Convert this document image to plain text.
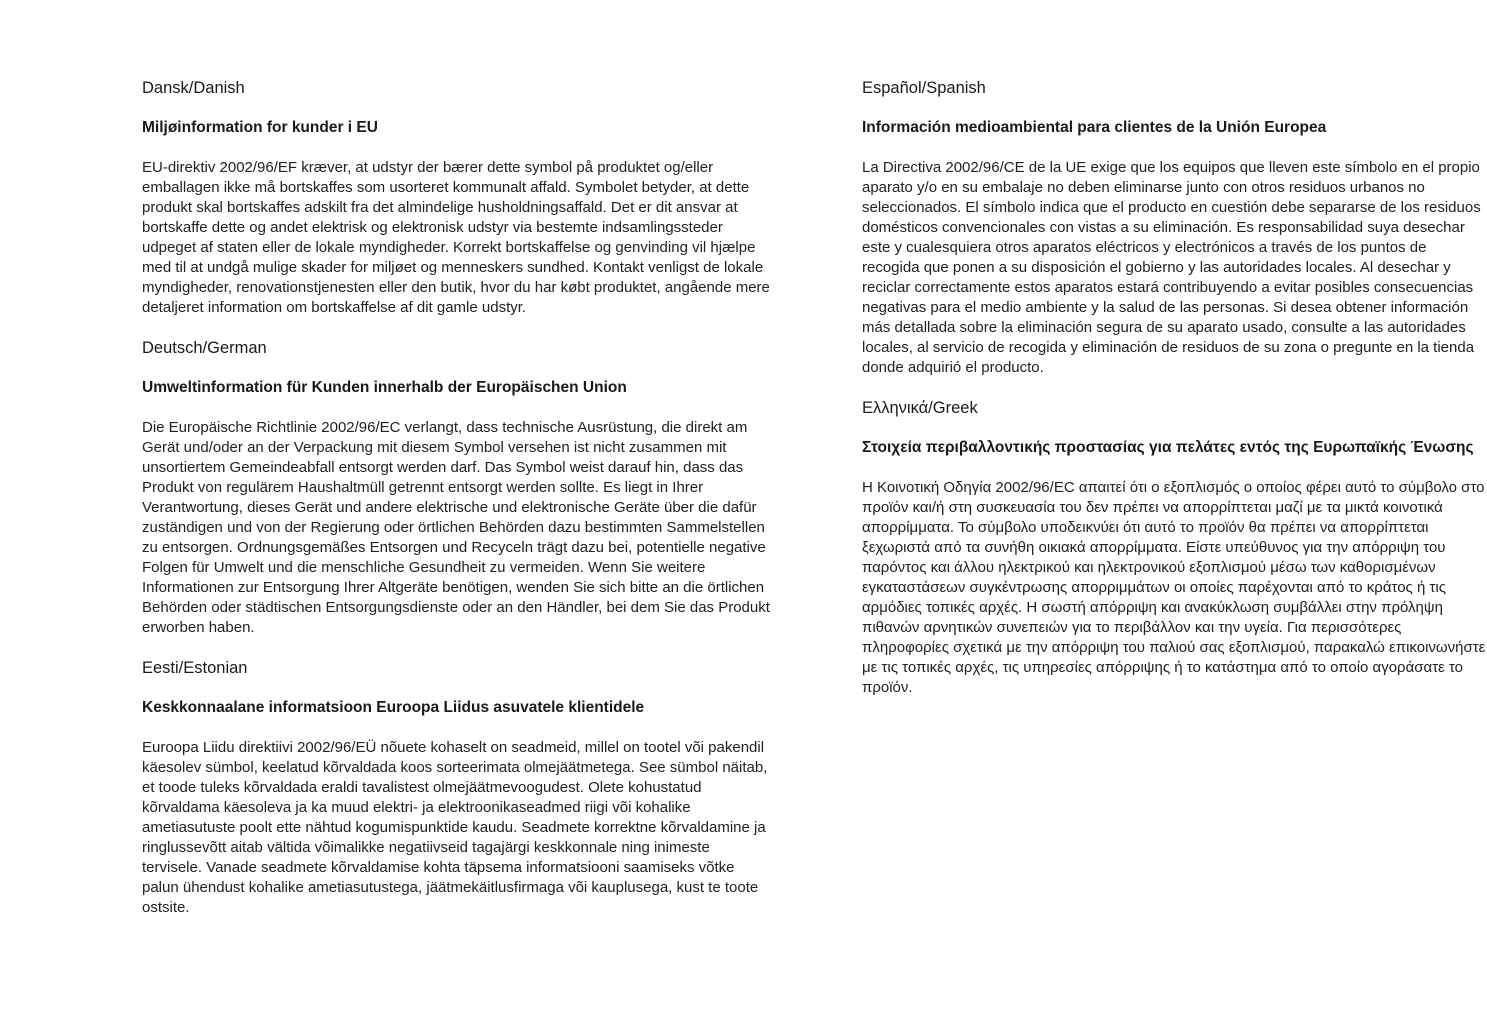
Dansk/Danish
Miljøinformation for kunder i EU
EU-direktiv 2002/96/EF kræver, at udstyr der bærer dette symbol på produktet og/eller emballagen ikke må bortskaffes som usorteret kommunalt affald. Symbolet betyder, at dette produkt skal bortskaffes adskilt fra det almindelige husholdningsaffald. Det er dit ansvar at bortskaffe dette og andet elektrisk og elektronisk udstyr via bestemte indsamlingssteder udpeget af staten eller de lokale myndigheder. Korrekt bortskaffelse og genvinding vil hjælpe med til at undgå mulige skader for miljøet og menneskers sundhed. Kontakt venligst de lokale myndigheder, renovationstjenesten eller den butik, hvor du har købt produktet, angående mere detaljeret information om bortskaffelse af dit gamle udstyr.
Deutsch/German
Umweltinformation für Kunden innerhalb der Europäischen Union
Die Europäische Richtlinie 2002/96/EC verlangt, dass technische Ausrüstung, die direkt am Gerät und/oder an der Verpackung mit diesem Symbol versehen ist nicht zusammen mit unsortiertem Gemeindeabfall entsorgt werden darf. Das Symbol weist darauf hin, dass das Produkt von regulärem Haushaltmüll getrennt entsorgt werden sollte. Es liegt in Ihrer Verantwortung, dieses Gerät und andere elektrische und elektronische Geräte über die dafür zuständigen und von der Regierung oder örtlichen Behörden dazu bestimmten Sammelstellen zu entsorgen. Ordnungsgemäßes Entsorgen und Recyceln trägt dazu bei, potentielle negative Folgen für Umwelt und die menschliche Gesundheit zu vermeiden. Wenn Sie weitere Informationen zur Entsorgung Ihrer Altgeräte benötigen, wenden Sie sich bitte an die örtlichen Behörden oder städtischen Entsorgungsdienste oder an den Händler, bei dem Sie das Produkt erworben haben.
Eesti/Estonian
Keskkonnaalane informatsioon Euroopa Liidus asuvatele klientidele
Euroopa Liidu direktiivi 2002/96/EÜ nõuete kohaselt on seadmeid, millel on tootel või pakendil käesolev sümbol, keelatud kõrvaldada koos sorteerimata olmejäätmetega. See sümbol näitab, et toode tuleks kõrvaldada eraldi tavalistest olmejäätmevoogudest. Olete kohustatud kõrvaldama käesoleva ja ka muud elektri- ja elektroonikaseadmed riigi või kohalike ametiasutuste poolt ette nähtud kogumispunktide kaudu. Seadmete korrektne kõrvaldamine ja ringlussevõtt aitab vältida võimalikke negatiivseid tagajärgi keskkonnale ning inimeste tervisele. Vanade seadmete kõrvaldamise kohta täpsema informatsiooni saamiseks võtke palun ühendust kohalike ametiasutustega, jäätmekäitlusfirmaga või kauplusega, kust te toote ostsite.
Español/Spanish
Información medioambiental para clientes de la Unión Europea
La Directiva 2002/96/CE de la UE exige que los equipos que lleven este símbolo en el propio aparato y/o en su embalaje no deben eliminarse junto con otros residuos urbanos no seleccionados. El símbolo indica que el producto en cuestión debe separarse de los residuos domésticos convencionales con vistas a su eliminación. Es responsabilidad suya desechar este y cualesquiera otros aparatos eléctricos y electrónicos a través de los puntos de recogida que ponen a su disposición el gobierno y las autoridades locales. Al desechar y reciclar correctamente estos aparatos estará contribuyendo a evitar posibles consecuencias negativas para el medio ambiente y la salud de las personas. Si desea obtener información más detallada sobre la eliminación segura de su aparato usado, consulte a las autoridades locales, al servicio de recogida y eliminación de residuos de su zona o pregunte en la tienda donde adquirió el producto.
Ελληνικά/Greek
Στοιχεία περιβαλλοντικής προστασίας για πελάτες εντός της Ευρωπαϊκής Ένωσης
Η Κοινοτική Οδηγία 2002/96/EC απαιτεί ότι ο εξοπλισμός ο οποίος φέρει αυτό το σύμβολο στο προϊόν και/ή στη συσκευασία του δεν πρέπει να απορρίπτεται μαζί με τα μικτά κοινοτικά απορρίμματα. Το σύμβολο υποδεικνύει ότι αυτό το προϊόν θα πρέπει να απορρίπτεται ξεχωριστά από τα συνήθη οικιακά απορρίμματα. Είστε υπεύθυνος για την απόρριψη του παρόντος και άλλου ηλεκτρικού και ηλεκτρονικού εξοπλισμού μέσω των καθορισμένων εγκαταστάσεων συγκέντρωσης απορριμμάτων οι οποίες παρέχονται από το κράτος ή τις αρμόδιες τοπικές αρχές. Η σωστή απόρριψη και ανακύκλωση συμβάλλει στην πρόληψη πιθανών αρνητικών συνεπειών για το περιβάλλον και την υγεία. Για περισσότερες πληροφορίες σχετικά με την απόρριψη του παλιού σας εξοπλισμού, παρακαλώ επικοινωνήστε με τις τοπικές αρχές, τις υπηρεσίες απόρριψης ή το κατάστημα από το οποίο αγοράσατε το προϊόν.
